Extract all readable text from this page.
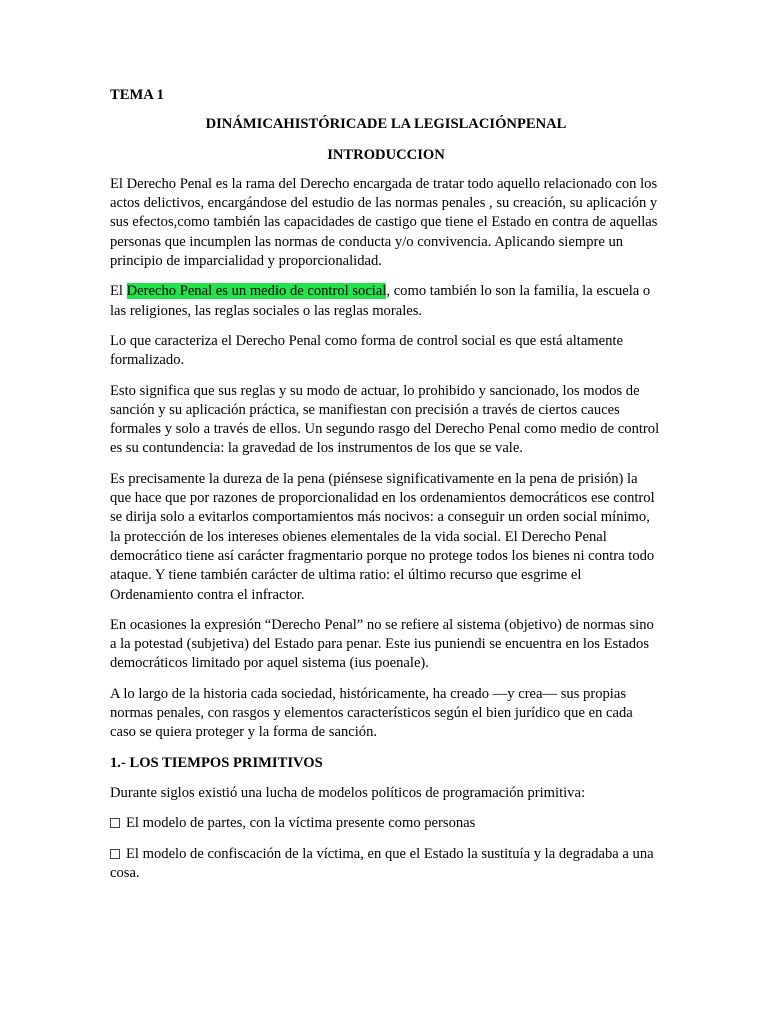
TEMA 1
DINÁMICAHISTÓRICADE LA LEGISLACIÓNPENAL
INTRODUCCION

El Derecho Penal es la rama del Derecho encargada de tratar todo aquello relacionado con los actos delictivos, encargándose del estudio de las normas penales , su creación, su aplicación y sus efectos,como también las capacidades de castigo que tiene el Estado en contra de aquellas personas que incumplen las normas de conducta y/o convivencia. Aplicando siempre un principio de imparcialidad y proporcionalidad.

El Derecho Penal es un medio de control social, como también lo son la familia, la escuela o las religiones, las reglas sociales o las reglas morales.

Lo que caracteriza el Derecho Penal como forma de control social es que está altamente formalizado.

Esto significa que sus reglas y su modo de actuar, lo prohibido y sancionado, los modos de sanción y su aplicación práctica, se manifiestan con precisión a través de ciertos cauces formales y solo a través de ellos. Un segundo rasgo del Derecho Penal como medio de control es su contundencia: la gravedad de los instrumentos de los que se vale.

Es precisamente la dureza de la pena (piénsese significativamente en la pena de prisión) la que hace que por razones de proporcionalidad en los ordenamientos democráticos ese control se dirija solo a evitarlos comportamientos más nocivos: a conseguir un orden social mínimo, la protección de los intereses obienes elementales de la vida social. El Derecho Penal democrático tiene así carácter fragmentario porque no protege todos los bienes ni contra todo ataque. Y tiene también carácter de ultima ratio: el último recurso que esgrime el Ordenamiento contra el infractor.

En ocasiones la expresión “Derecho Penal” no se refiere al sistema (objetivo) de normas sino a la potestad (subjetiva) del Estado para penar. Este ius puniendi se encuentra en los Estados democráticos limitado por aquel sistema (ius poenale).

A lo largo de la historia cada sociedad, históricamente, ha creado —y crea— sus propias normas penales, con rasgos y elementos característicos según el bien jurídico que en cada caso se quiera proteger y la forma de sanción.

1.- LOS TIEMPOS PRIMITIVOS

Durante siglos existió una lucha de modelos políticos de programación primitiva:

El modelo de partes, con la víctima presente como personas

El modelo de confiscación de la víctima, en que el Estado la sustituía y la degradaba a una cosa.
